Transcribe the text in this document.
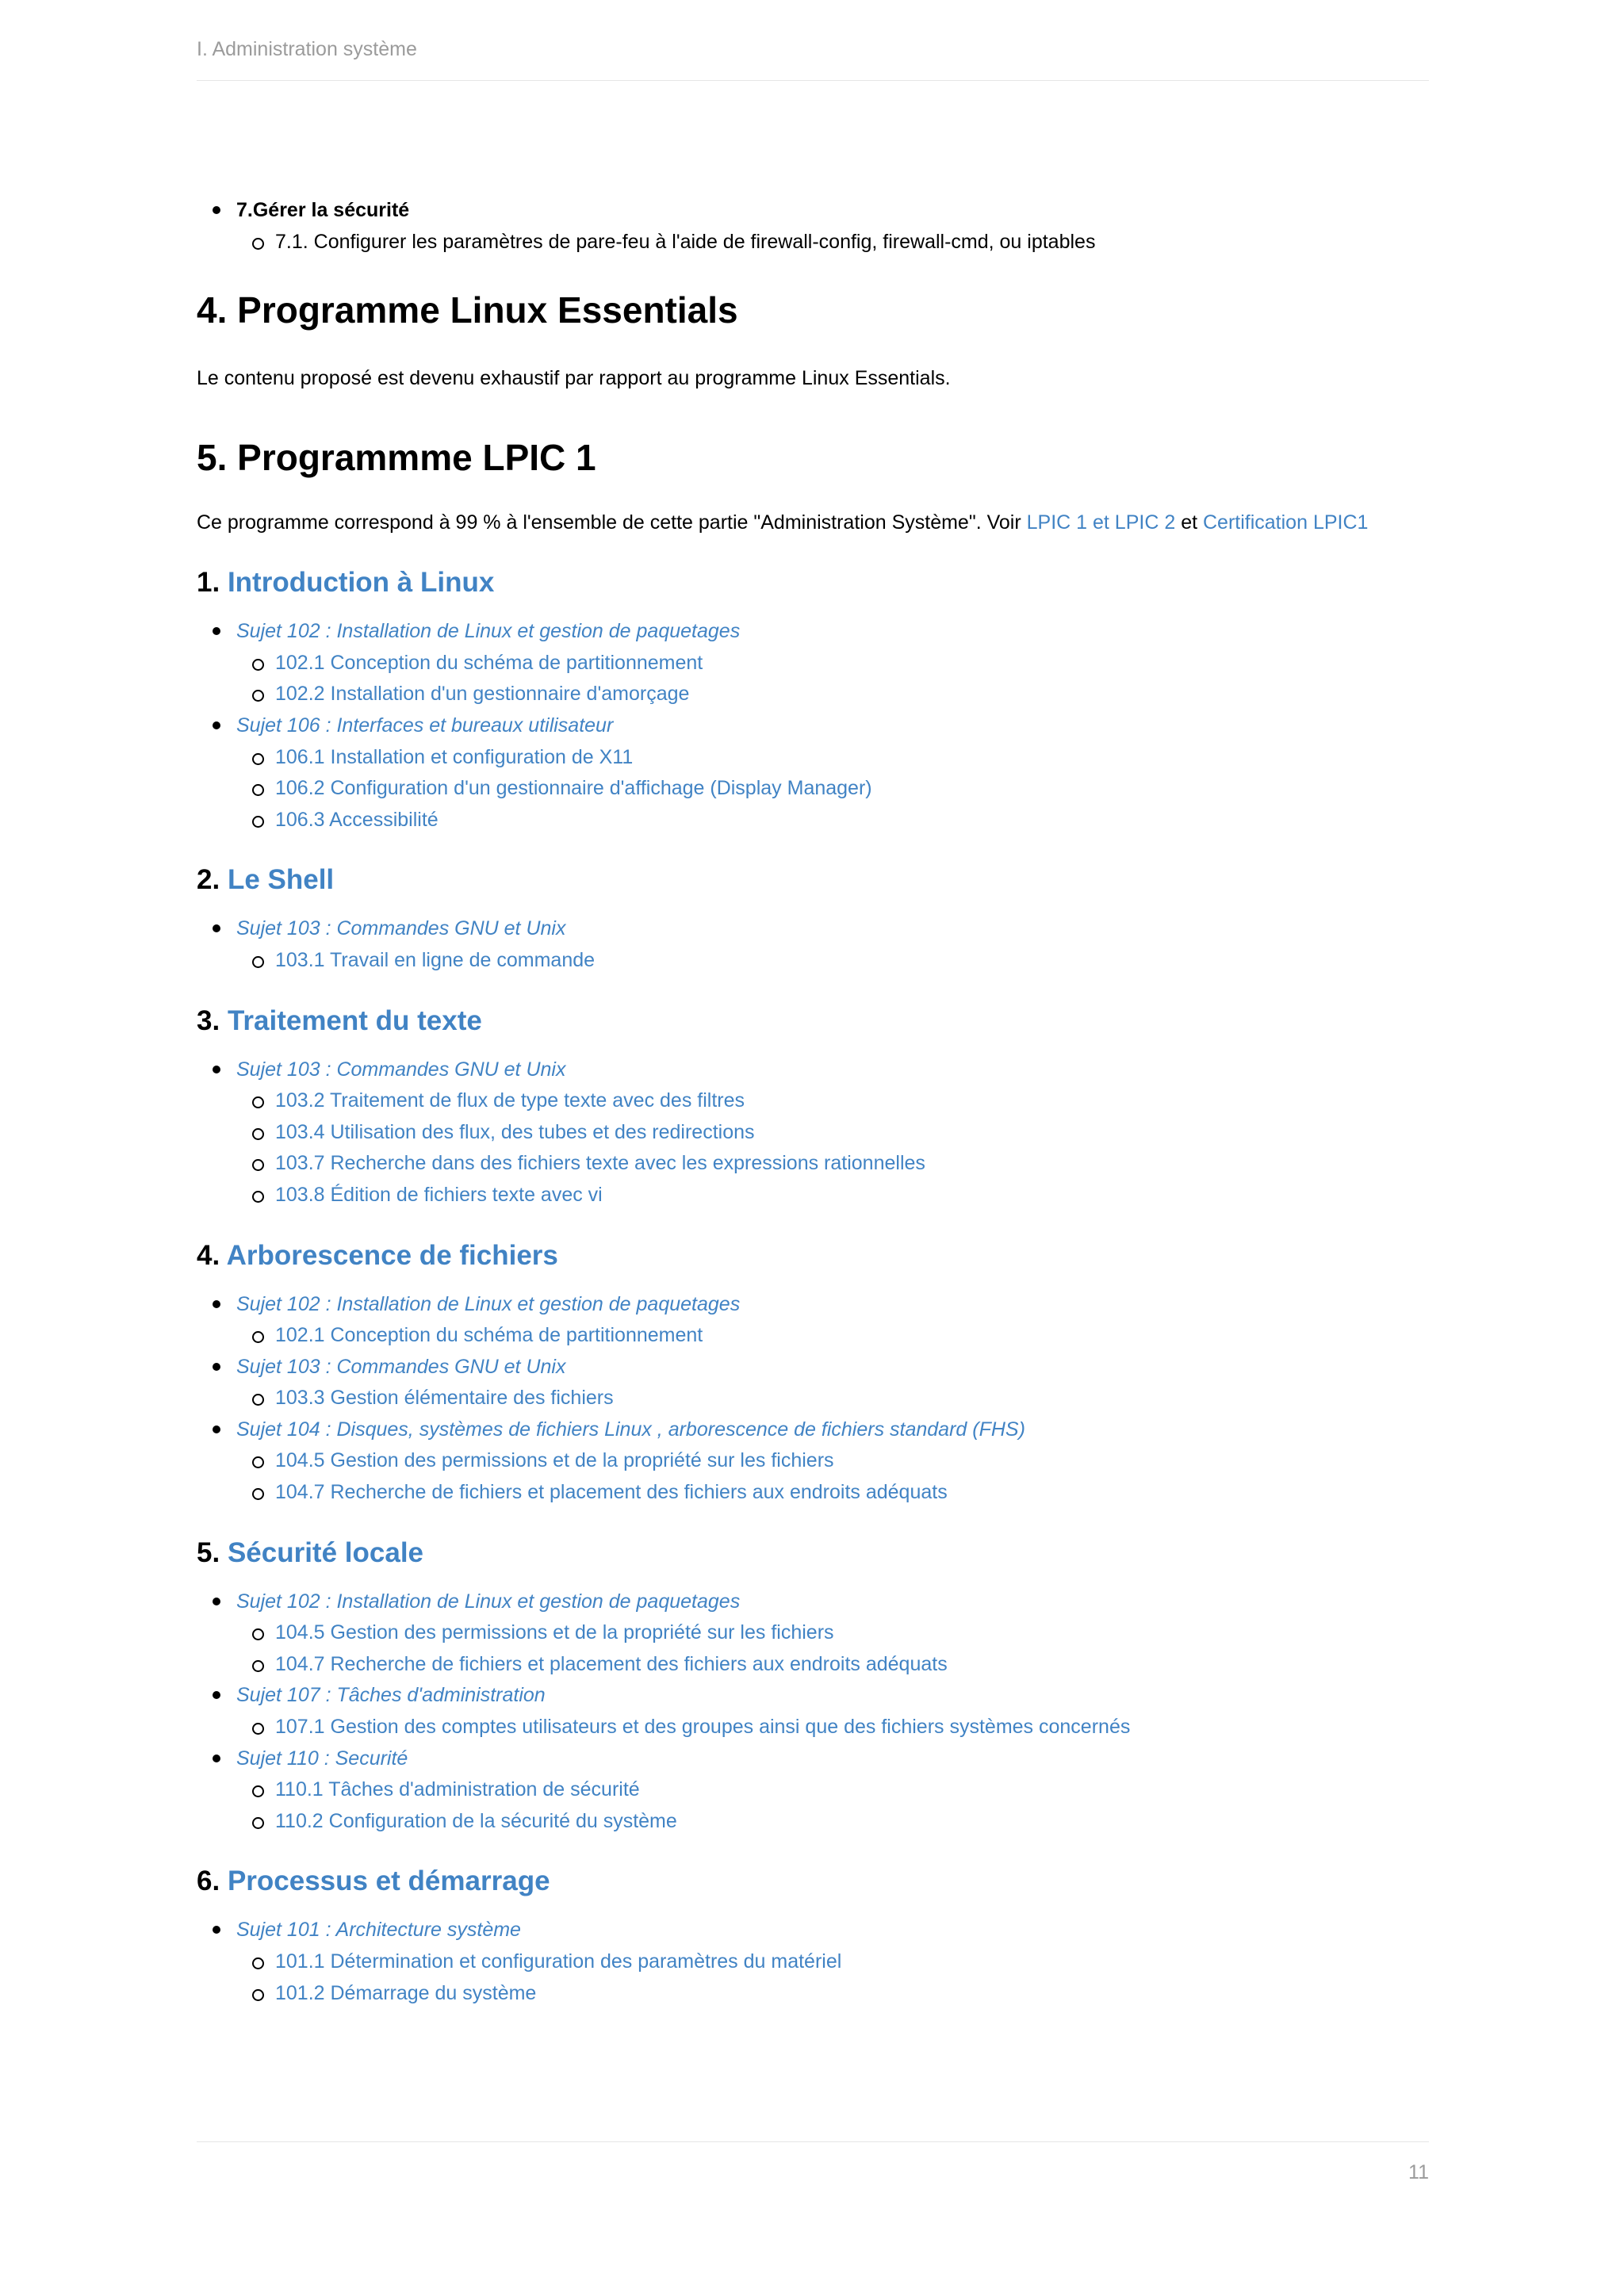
I. Administration système
7.Gérer la sécurité
7.1. Configurer les paramètres de pare-feu à l'aide de firewall-config, firewall-cmd, ou iptables
4. Programme Linux Essentials

Le contenu proposé est devenu exhaustif par rapport au programme Linux Essentials.

5. Programmme LPIC 1

Ce programme correspond à 99 % à l'ensemble de cette partie "Administration Système". Voir LPIC 1 et LPIC 2 et Certification LPIC1

1. Introduction à Linux
Sujet 102 : Installation de Linux et gestion de paquetages
102.1 Conception du schéma de partitionnement
102.2 Installation d'un gestionnaire d'amorçage
Sujet 106 : Interfaces et bureaux utilisateur
106.1 Installation et configuration de X11
106.2 Configuration d'un gestionnaire d'affichage (Display Manager)
106.3 Accessibilité
2. Le Shell
Sujet 103 : Commandes GNU et Unix
103.1 Travail en ligne de commande
3. Traitement du texte
Sujet 103 : Commandes GNU et Unix
103.2 Traitement de flux de type texte avec des filtres
103.4 Utilisation des flux, des tubes et des redirections
103.7 Recherche dans des fichiers texte avec les expressions rationnelles
103.8 Édition de fichiers texte avec vi
4. Arborescence de fichiers
Sujet 102 : Installation de Linux et gestion de paquetages
102.1 Conception du schéma de partitionnement
Sujet 103 : Commandes GNU et Unix
103.3 Gestion élémentaire des fichiers
Sujet 104 : Disques, systèmes de fichiers Linux , arborescence de fichiers standard (FHS)
104.5 Gestion des permissions et de la propriété sur les fichiers
104.7 Recherche de fichiers et placement des fichiers aux endroits adéquats
5. Sécurité locale
Sujet 102 : Installation de Linux et gestion de paquetages
104.5 Gestion des permissions et de la propriété sur les fichiers
104.7 Recherche de fichiers et placement des fichiers aux endroits adéquats
Sujet 107 : Tâches d'administration
107.1 Gestion des comptes utilisateurs et des groupes ainsi que des fichiers systèmes concernés
Sujet 110 : Securité
110.1 Tâches d'administration de sécurité
110.2 Configuration de la sécurité du système
6. Processus et démarrage
Sujet 101 : Architecture système
101.1 Détermination et configuration des paramètres du matériel
101.2 Démarrage du système
11
